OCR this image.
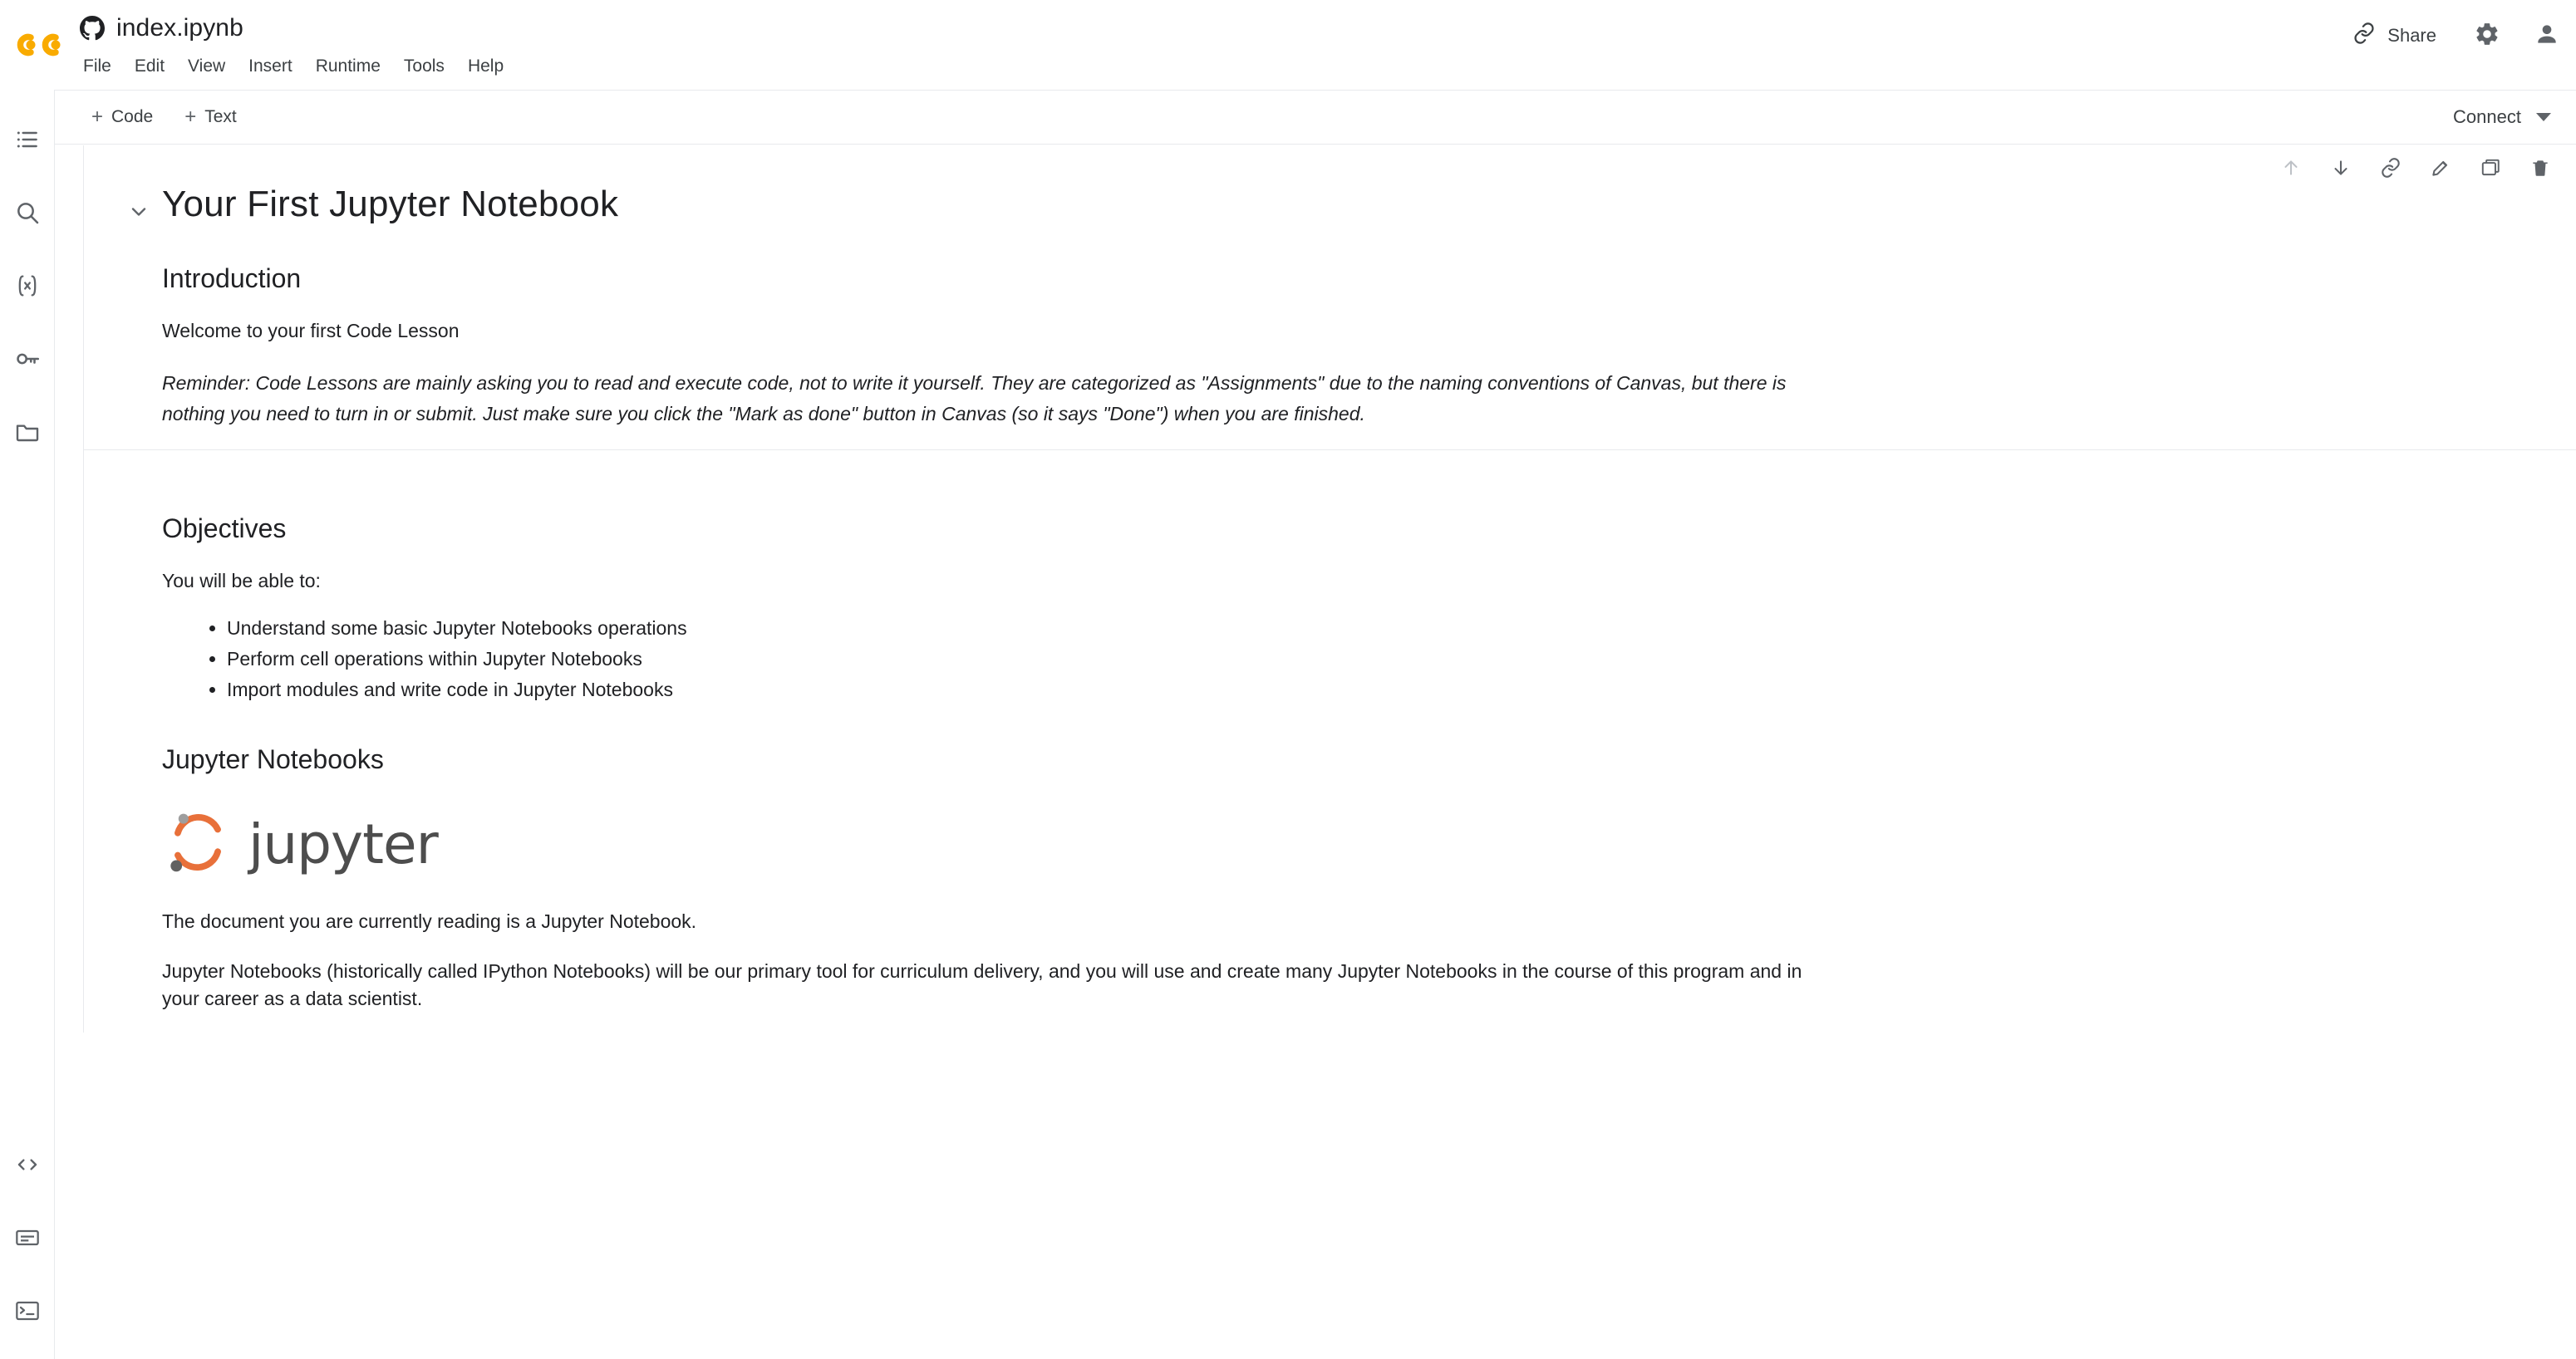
index.ipynb
File	Edit	View	Insert	Runtime	Tools	Help
Share
+ Code + Text	Connect
Your First Jupyter Notebook
Introduction

Welcome to your first Code Lesson

Reminder: Code Lessons are mainly asking you to read and execute code, not to write it yourself. They are categorized as "Assignments" due to the naming conventions of Canvas, but there is nothing you need to turn in or submit. Just make sure you click the "Mark as done" button in Canvas (so it says "Done") when you are finished.

Objectives

You will be able to:

• Understand some basic Jupyter Notebooks operations
• Perform cell operations within Jupyter Notebooks
• Import modules and write code in Jupyter Notebooks
Jupyter Notebooks
jupyter

The document you are currently reading is a Jupyter Notebook.

Jupyter Notebooks (historically called IPython Notebooks) will be our primary tool for curriculum delivery, and you will use and create many Jupyter Notebooks in the course of this program and in your career as a data scientist.
